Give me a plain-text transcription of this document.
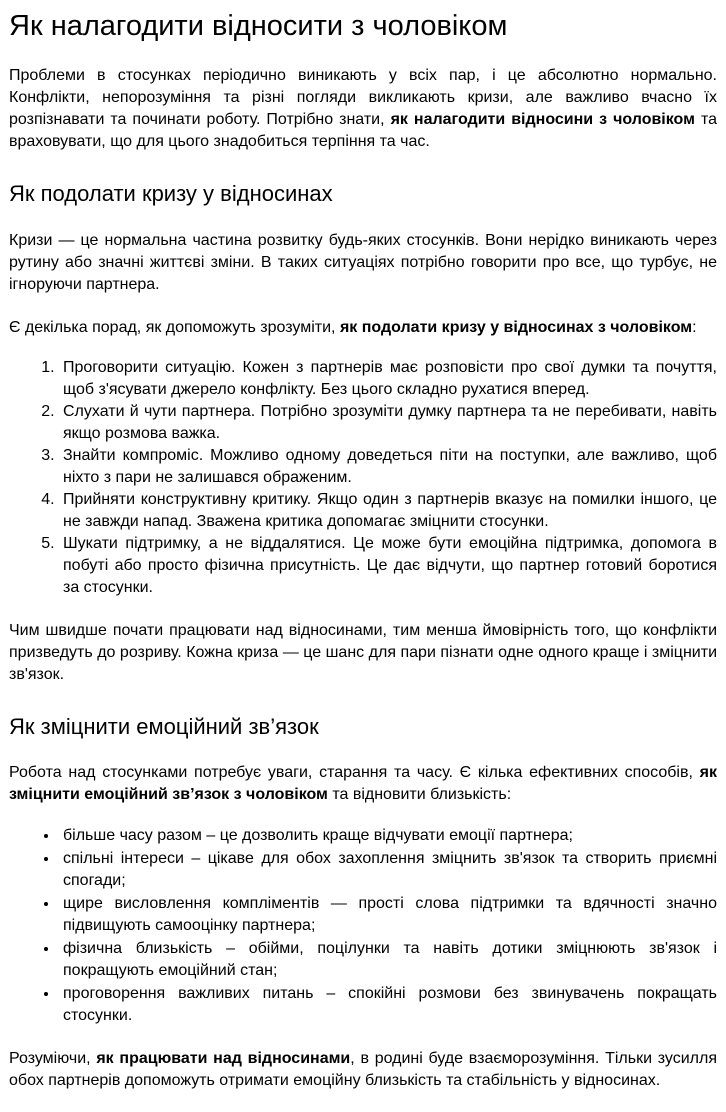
Як налагодити відносити з чоловіком

Проблеми в стосунках періодично виникають у всіх пар, і це абсолютно нормально. Конфлікти, непорозуміння та різні погляди викликають кризи, але важливо вчасно їх розпізнавати та починати роботу. Потрібно знати, як налагодити відносини з чоловіком та враховувати, що для цього знадобиться терпіння та час.

Як подолати кризу у відносинах

Кризи — це нормальна частина розвитку будь-яких стосунків. Вони нерідко виникають через рутину або значні життєві зміни. В таких ситуаціях потрібно говорити про все, що турбує, не ігноруючи партнера.

Є декілька порад, як допоможуть зрозуміти, як подолати кризу у відносинах з чоловіком:

1. Проговорити ситуацію. Кожен з партнерів має розповісти про свої думки та почуття, щоб з'ясувати джерело конфлікту. Без цього складно рухатися вперед.
2. Слухати й чути партнера. Потрібно зрозуміти думку партнера та не перебивати, навіть якщо розмова важка.
3. Знайти компроміс. Можливо одному доведеться піти на поступки, але важливо, щоб ніхто з пари не залишався ображеним.
4. Прийняти конструктивну критику. Якщо один з партнерів вказує на помилки іншого, це не завжди напад. Зважена критика допомагає зміцнити стосунки.
5. Шукати підтримку, а не віддалятися. Це може бути емоційна підтримка, допомога в побуті або просто фізична присутність. Це дає відчути, що партнер готовий боротися за стосунки.

Чим швидше почати працювати над відносинами, тим менша ймовірність того, що конфлікти призведуть до розриву. Кожна криза — це шанс для пари пізнати одне одного краще і зміцнити зв'язок.

Як зміцнити емоційний зв’язок

Робота над стосунками потребує уваги, старання та часу. Є кілька ефективних способів, як зміцнити емоційний зв’язок з чоловіком та відновити близькість:

• більше часу разом – це дозволить краще відчувати емоції партнера;
• спільні інтереси – цікаве для обох захоплення зміцнить зв'язок та створить приємні спогади;
• щире висловлення компліментів — прості слова підтримки та вдячності значно підвищують самооцінку партнера;
• фізична близькість – обійми, поцілунки та навіть дотики зміцнюють зв'язок і покращують емоційний стан;
• проговорення важливих питань – спокійні розмови без звинувачень покращать стосунки.

Розуміючи, як працювати над відносинами, в родині буде взаєморозуміння. Тільки зусилля обох партнерів допоможуть отримати емоційну близькість та стабільність у відносинах.
